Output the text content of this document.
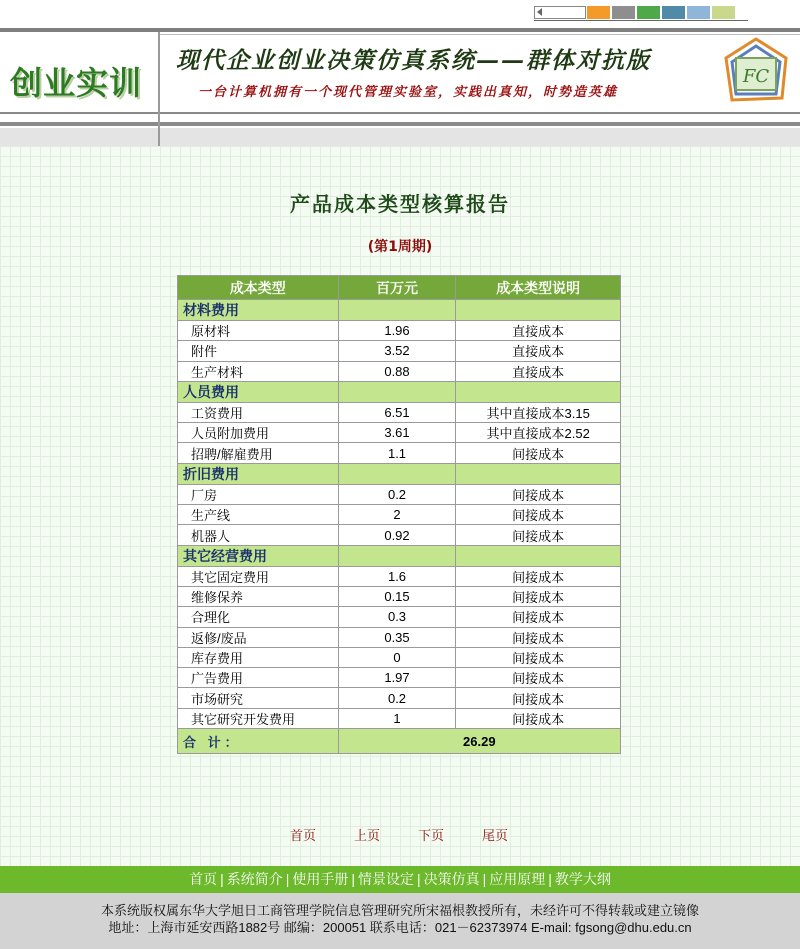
创业实训
现代企业创业决策仿真系统——群体对抗版
一台计算机拥有一个现代管理实验室，实践出真知，时势造英雄
FC
产品成本类型核算报告
(第1周期)
成本类型	百万元	成本类型说明
材料费用		
原材料	1.96	直接成本
附件	3.52	直接成本
生产材料	0.88	直接成本
人员费用		
工资费用	6.51	其中直接成本3.15
人员附加费用	3.61	其中直接成本2.52
招聘/解雇费用	1.1	间接成本
折旧费用		
厂房	0.2	间接成本
生产线	2	间接成本
机器人	0.92	间接成本
其它经营费用		
其它固定费用	1.6	间接成本
维修保养	0.15	间接成本
合理化	0.3	间接成本
返修/废品	0.35	间接成本
库存费用	0	间接成本
广告费用	1.97	间接成本
市场研究	0.2	间接成本
其它研究开发费用	1	间接成本
合 计：	26.29	
首页	上页	下页	尾页
首页 | 系统简介 | 使用手册 | 情景设定 | 决策仿真 | 应用原理 | 教学大纲
本系统版权属东华大学旭日工商管理学院信息管理研究所宋福根教授所有，未经许可不得转载或建立镜像
地址：上海市延安西路1882号 邮编：200051 联系电话：021－62373974 E-mail: fgsong@dhu.edu.cn
